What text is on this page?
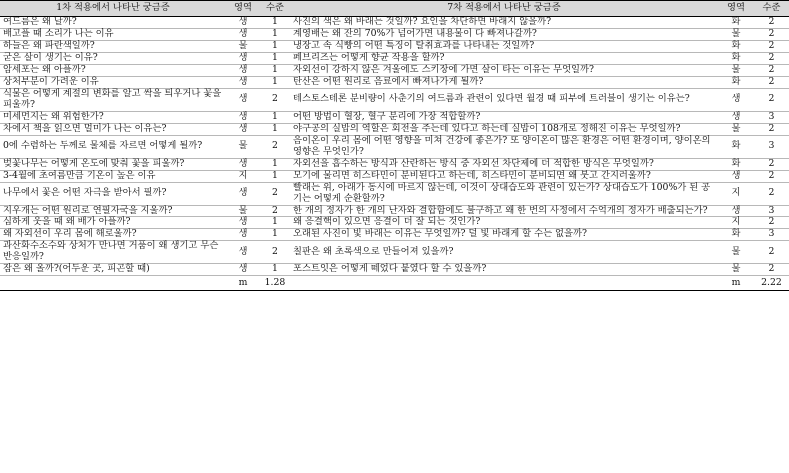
1차 적용에서 나타난 궁금증	영역	수준	7차 적용에서 나타난 궁금증	영역	수준
여드름은 왜 날까?	생	1	사진의 색은 왜 바래는 것일까? 요인을 차단하면 바래지 않을까?	화	2
배고플 때 소리가 나는 이유	생	1	계영배는 왜 잔의 70%가 넘어가면 내용물이 다 빠져나갈까?	물	2
하늘은 왜 파란색일까?	물	1	냉장고 속 식빵의 어떤 특징이 탈취효과를 나타내는 것일까?	화	2
굳은 살이 생기는 이유?	생	1	페브리즈는 어떻게 향균 작용을 할까?	화	2
암세포는 왜 아플까?	생	1	자외선이 강하지 않은 겨울에도 스키장에 가면 살이 타는 이유는 무엇일까?	물	2
상처부분이 가려운 이유	생	1	탄산은 어떤 원리로 음료에서 빠져나가게 될까?	화	2
식물은 어떻게 계절의 변화를 알고 싹을 틔우거나 꽃을 피울까?	생	2	테스토스테론 분비량이 사춘기의 여드름과 관련이 있다면 월경 때 피부에 트러블이 생기는 이유는?	생	2
미세먼지는 왜 위험한가?	생	1	어떤 방법이 혈장, 혈구 분리에 가장 적합할까?	생	3
차에서 책을 읽으면 멀미가 나는 이유는?	생	1	야구공의 실밥의 역할은 회전을 주는데 있다고 하는데 실밥이 108개로 정해진 이유는 무엇일까?	물	2
0에 수렴하는 두께로 물체를 자르면 어떻게 될까?	물	2	음이온이 우리 몸에 어떤 영향을 미쳐 건강에 좋은가? 또 양이온이 많은 환경은 어떤 환경이며, 양이온의 영향은 무엇인가?	화	3
벚꽃나무는 어떻게 온도에 맞춰 꽃을 피울까?	생	1	자외선을 흡수하는 방식과 산란하는 방식 중 자외선 차단제에 더 적합한 방식은 무엇일까?	화	2
3-4월에 초여름만큼 기온이 높은 이유	지	1	모기에 물리면 히스타민이 분비된다고 하는데, 히스타민이 분비되면 왜 붓고 간지러울까?	생	2
나무에서 꽃은 어떤 자극을 받아서 필까?	생	2	빨래는 위, 아래가 동시에 마르지 않는데, 이것이 상대습도와 관련이 있는가? 상대습도가 100%가 된 공기는 어떻게 순환할까?	지	2
지우개는 어떤 원리로 연필자국을 지울까?	물	2	한 개의 정자가 한 개의 난자와 결합함에도 불구하고 왜 한 번의 사정에서 수억개의 정자가 배출되는가?	생	3
심하게 웃을 때 왜 배가 아플까?	생	1	왜 응결핵이 있으면 응결이 더 잘 되는 것인가?	지	2
왜 자외선이 우리 몸에 해로울까?	생	1	오래된 사진이 빛 바래는 이유는 무엇일까? 덜 빛 바래게 할 수는 없을까?	화	3
과산화수소수와 상처가 만나면 거품이 왜 생기고 무슨 반응일까?	생	2	칠판은 왜 초록색으로 만들어져 있을까?	물	2
잠은 왜 올까?(어두운 곳, 피곤할 때)	생	1	포스트잇은 어떻게 떼었다 붙였다 할 수 있을까?	물	2
	m	1.28		m	2.22
